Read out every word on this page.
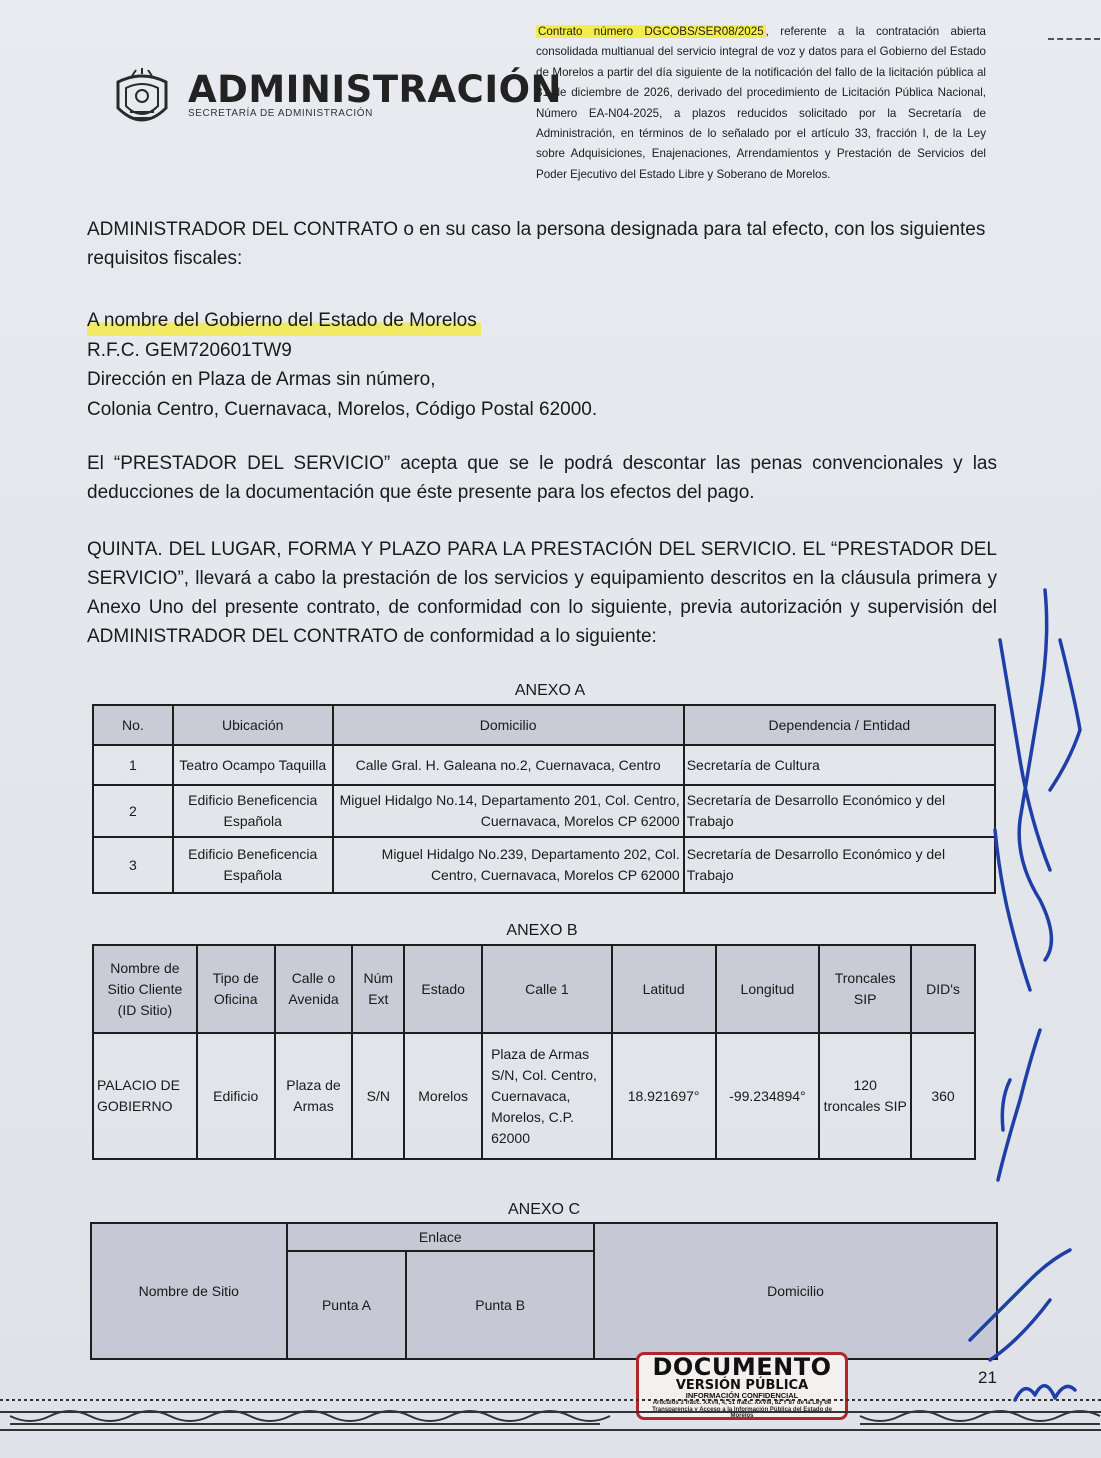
ADMINISTRACIÓN
SECRETARÍA DE ADMINISTRACIÓN
Contrato número DGCOBS/SER08/2025 , referente a la contratación abierta consolidada multianual del servicio integral de voz y datos para el Gobierno del Estado de Morelos a partir del día siguiente de la notificación del fallo de la licitación pública al 31 de diciembre de 2026, derivado del procedimiento de Licitación Pública Nacional, Número EA-N04-2025, a plazos reducidos solicitado por la Secretaría de Administración, en términos de lo señalado por el artículo 33, fracción I, de la Ley sobre Adquisiciones, Enajenaciones, Arrendamientos y Prestación de Servicios del Poder Ejecutivo del Estado Libre y Soberano de Morelos.
ADMINISTRADOR DEL CONTRATO o en su caso la persona designada para tal efecto, con los siguientes requisitos fiscales:
A nombre del Gobierno del Estado de Morelos
R.F.C. GEM720601TW9
Dirección en Plaza de Armas sin número,
Colonia Centro, Cuernavaca, Morelos, Código Postal 62000.
El “PRESTADOR DEL SERVICIO” acepta que se le podrá descontar las penas convencionales y las deducciones de la documentación que éste presente para los efectos del pago.
QUINTA. DEL LUGAR, FORMA Y PLAZO PARA LA PRESTACIÓN DEL SERVICIO. EL “PRESTADOR DEL SERVICIO”, llevará a cabo la prestación de los servicios y equipamiento descritos en la cláusula primera y Anexo Uno del presente contrato, de conformidad con lo siguiente, previa autorización y supervisión del ADMINISTRADOR DEL CONTRATO de conformidad a lo siguiente:
ANEXO A
No.	Ubicación	Domicilio	Dependencia / Entidad
1	Teatro Ocampo Taquilla	Calle Gral. H. Galeana no.2, Cuernavaca, Centro	Secretaría de Cultura
2	Edificio Beneficencia Española	Miguel Hidalgo No.14, Departamento 201, Col. Centro, Cuernavaca, Morelos CP 62000	Secretaría de Desarrollo Económico y del Trabajo
3	Edificio Beneficencia Española	Miguel Hidalgo No.239, Departamento 202, Col. Centro, Cuernavaca, Morelos CP 62000	Secretaría de Desarrollo Económico y del Trabajo
ANEXO B
Nombre de Sitio Cliente (ID Sitio)	Tipo de Oficina	Calle o Avenida	Núm Ext	Estado	Calle 1	Latitud	Longitud	Troncales SIP	DID's
PALACIO DE GOBIERNO	Edificio	Plaza de Armas	S/N	Morelos	Plaza de Armas S/N, Col. Centro, Cuernavaca, Morelos, C.P. 62000	18.921697°	-99.234894°	120 troncales SIP	360
ANEXO C
Nombre de Sitio	Enlace		Domicilio
	Punta A	Punta B	
DOCUMENTO
VERSIÓN PÚBLICA
INFORMACIÓN CONFIDENCIAL
Artículos 3 fracc. XXVII, 4, 51 fracc. XXVIII, 82 Y 87 de la Ley de Transparencia y Acceso a la Información Pública del Estado de Morelos
21
